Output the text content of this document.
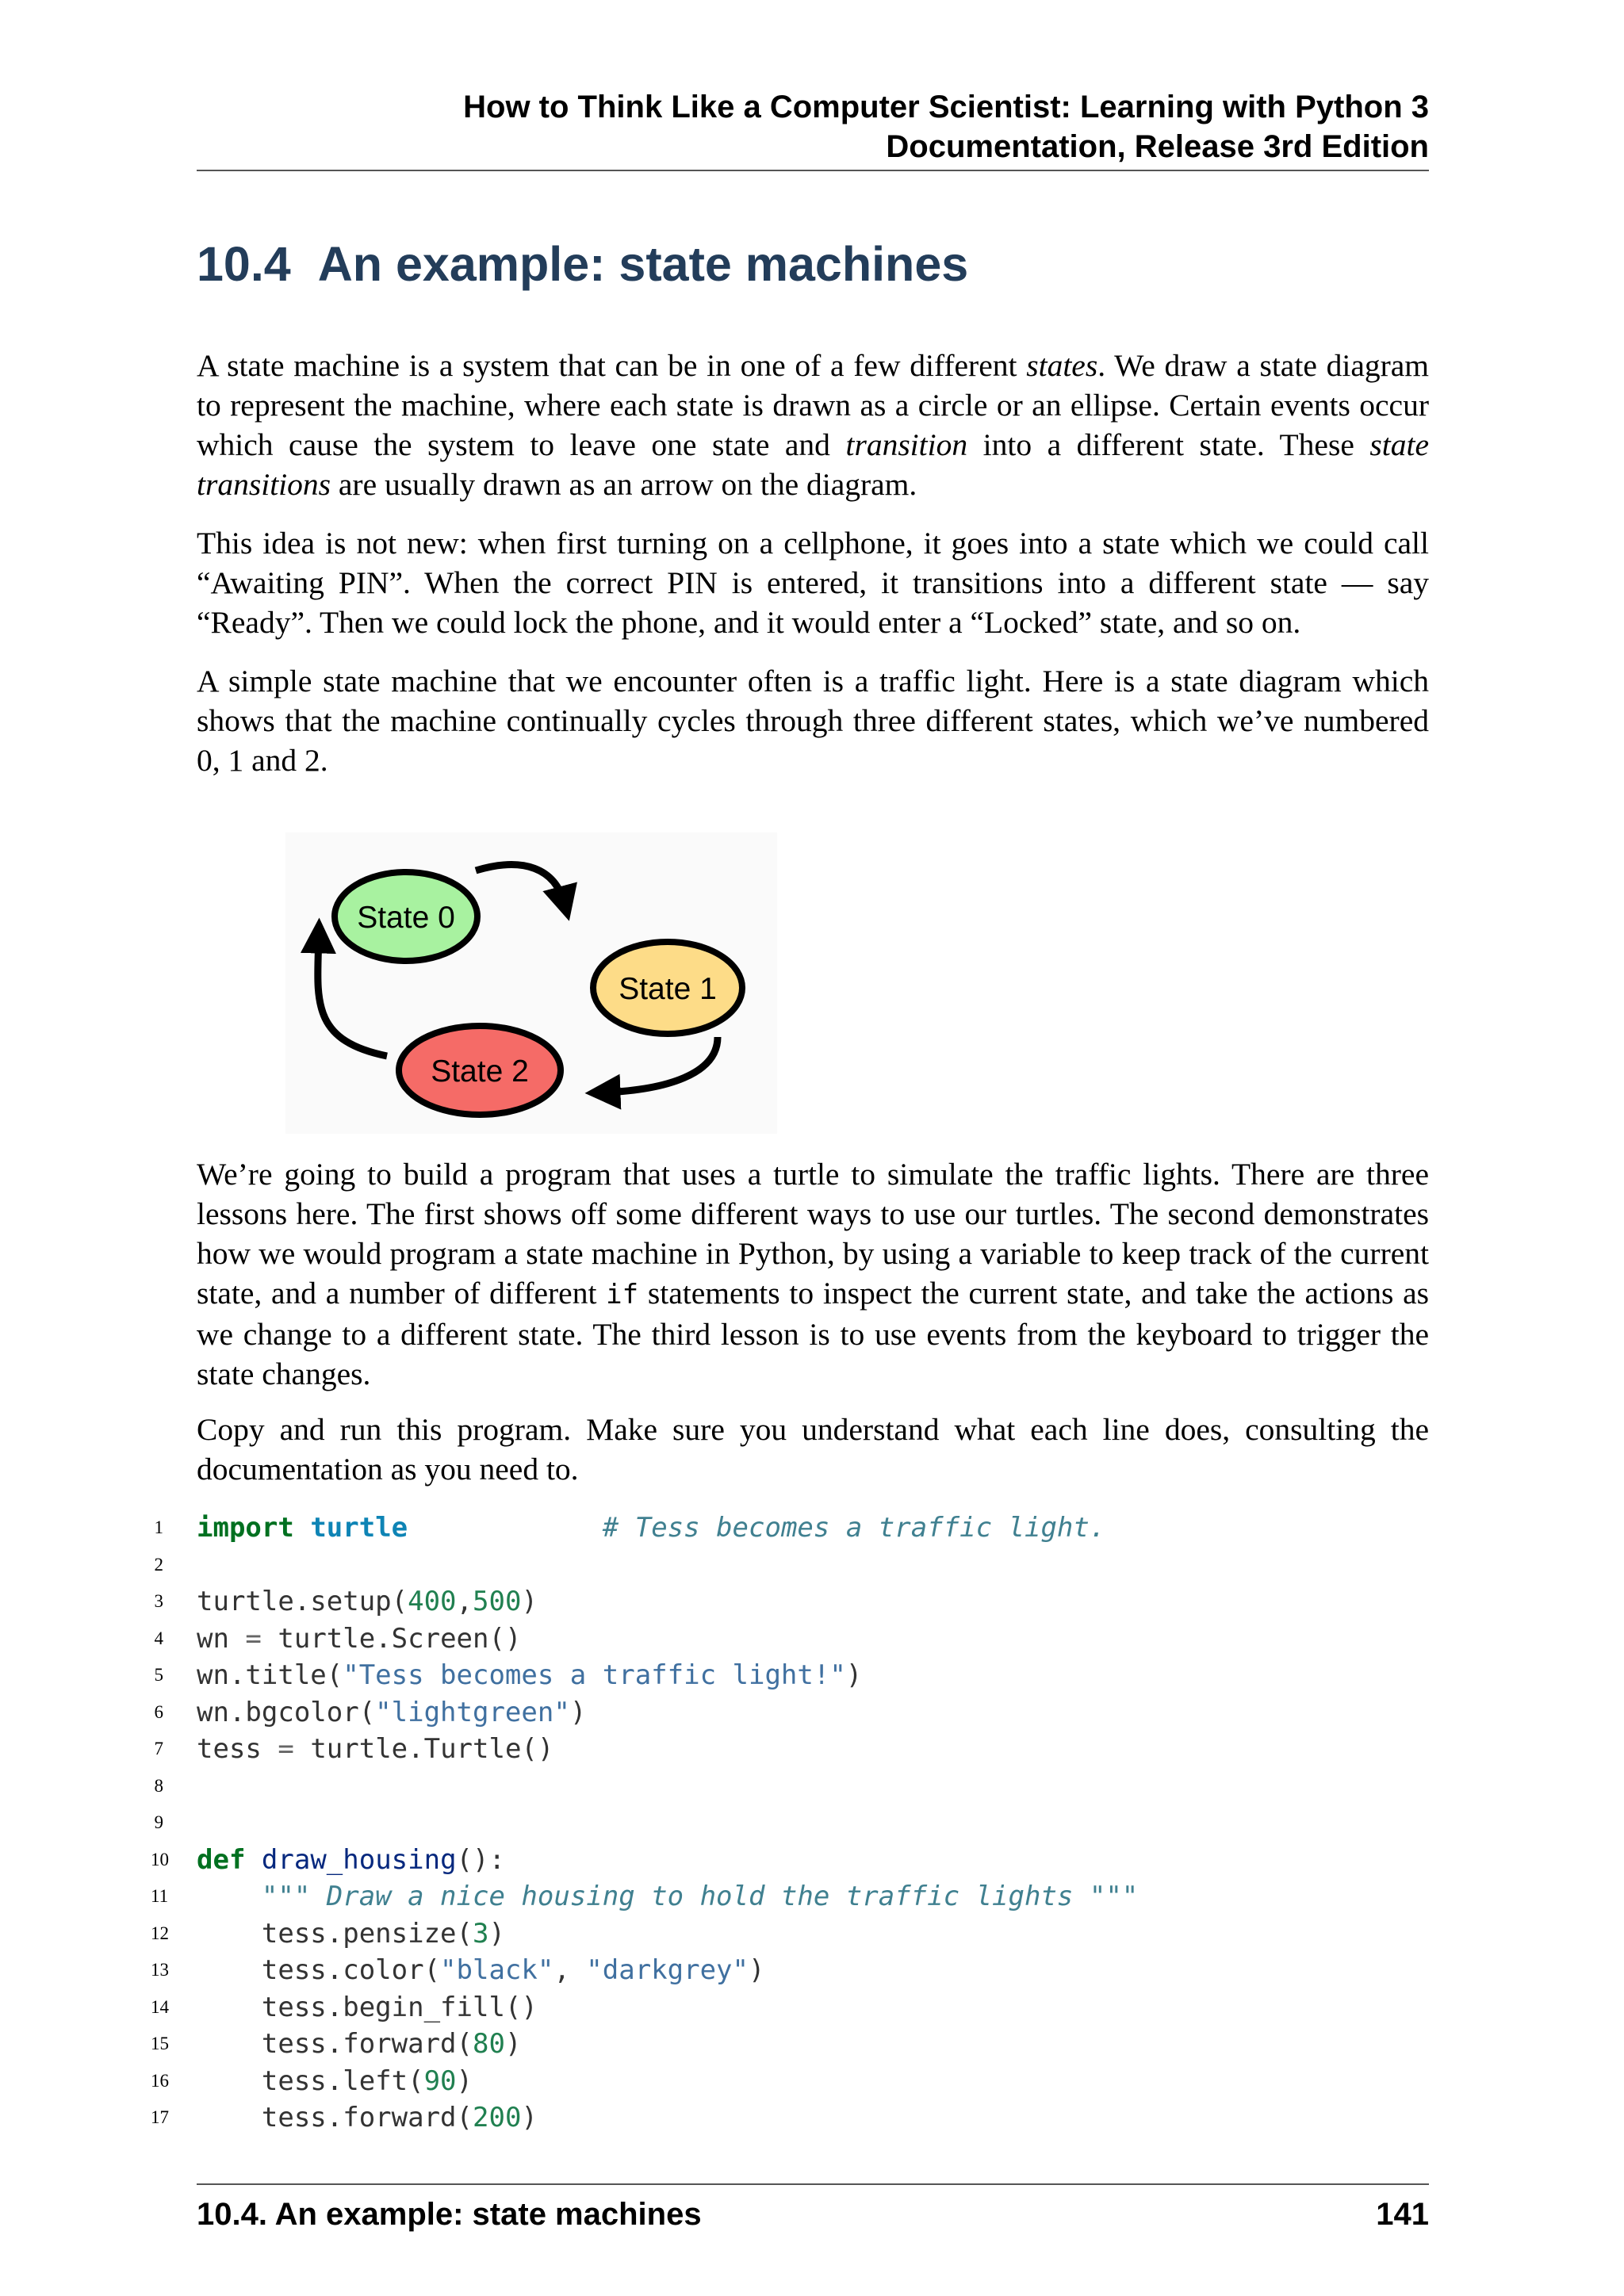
How to Think Like a Computer Scientist: Learning with Python 3
Documentation, Release 3rd Edition
10.4 An example: state machines

A state machine is a system that can be in one of a few different states. We draw a state diagram to represent the machine, where each state is drawn as a circle or an ellipse. Certain events occur which cause the system to leave one state and transition into a different state. These state transitions are usually drawn as an arrow on the diagram.

This idea is not new: when first turning on a cellphone, it goes into a state which we could call “Awaiting PIN”. When the correct PIN is entered, it transitions into a different state — say “Ready”. Then we could lock the phone, and it would enter a “Locked” state, and so on.

A simple state machine that we encounter often is a traffic light. Here is a state diagram which shows that the machine continually cycles through three different states, which we’ve numbered 0, 1 and 2.

State 0
State 1
State 2

We’re going to build a program that uses a turtle to simulate the traffic lights. There are three lessons here. The first shows off some different ways to use our turtles. The second demonstrates how we would program a state machine in Python, by using a variable to keep track of the current state, and a number of different if statements to inspect the current state, and take the actions as we change to a different state. The third lesson is to use events from the keyboard to trigger the state changes.

Copy and run this program. Make sure you understand what each line does, consulting the documentation as you need to.

1 import turtle	# Tess becomes a traffic light.
2
3 turtle.setup(400,500)
4 wn = turtle.Screen()
5 wn.title("Tess becomes a traffic light!")
6 wn.bgcolor("lightgreen")
7 tess = turtle.Turtle()
8
9
10 def draw_housing():
11	""" Draw a nice housing to hold the traffic lights """
12 tess.pensize(3)
13 tess.color("black", "darkgrey")
14 tess.begin_fill()
15 tess.forward(80)
16 tess.left(90)
17 tess.forward(200)
10.4. An example: state machines	141
